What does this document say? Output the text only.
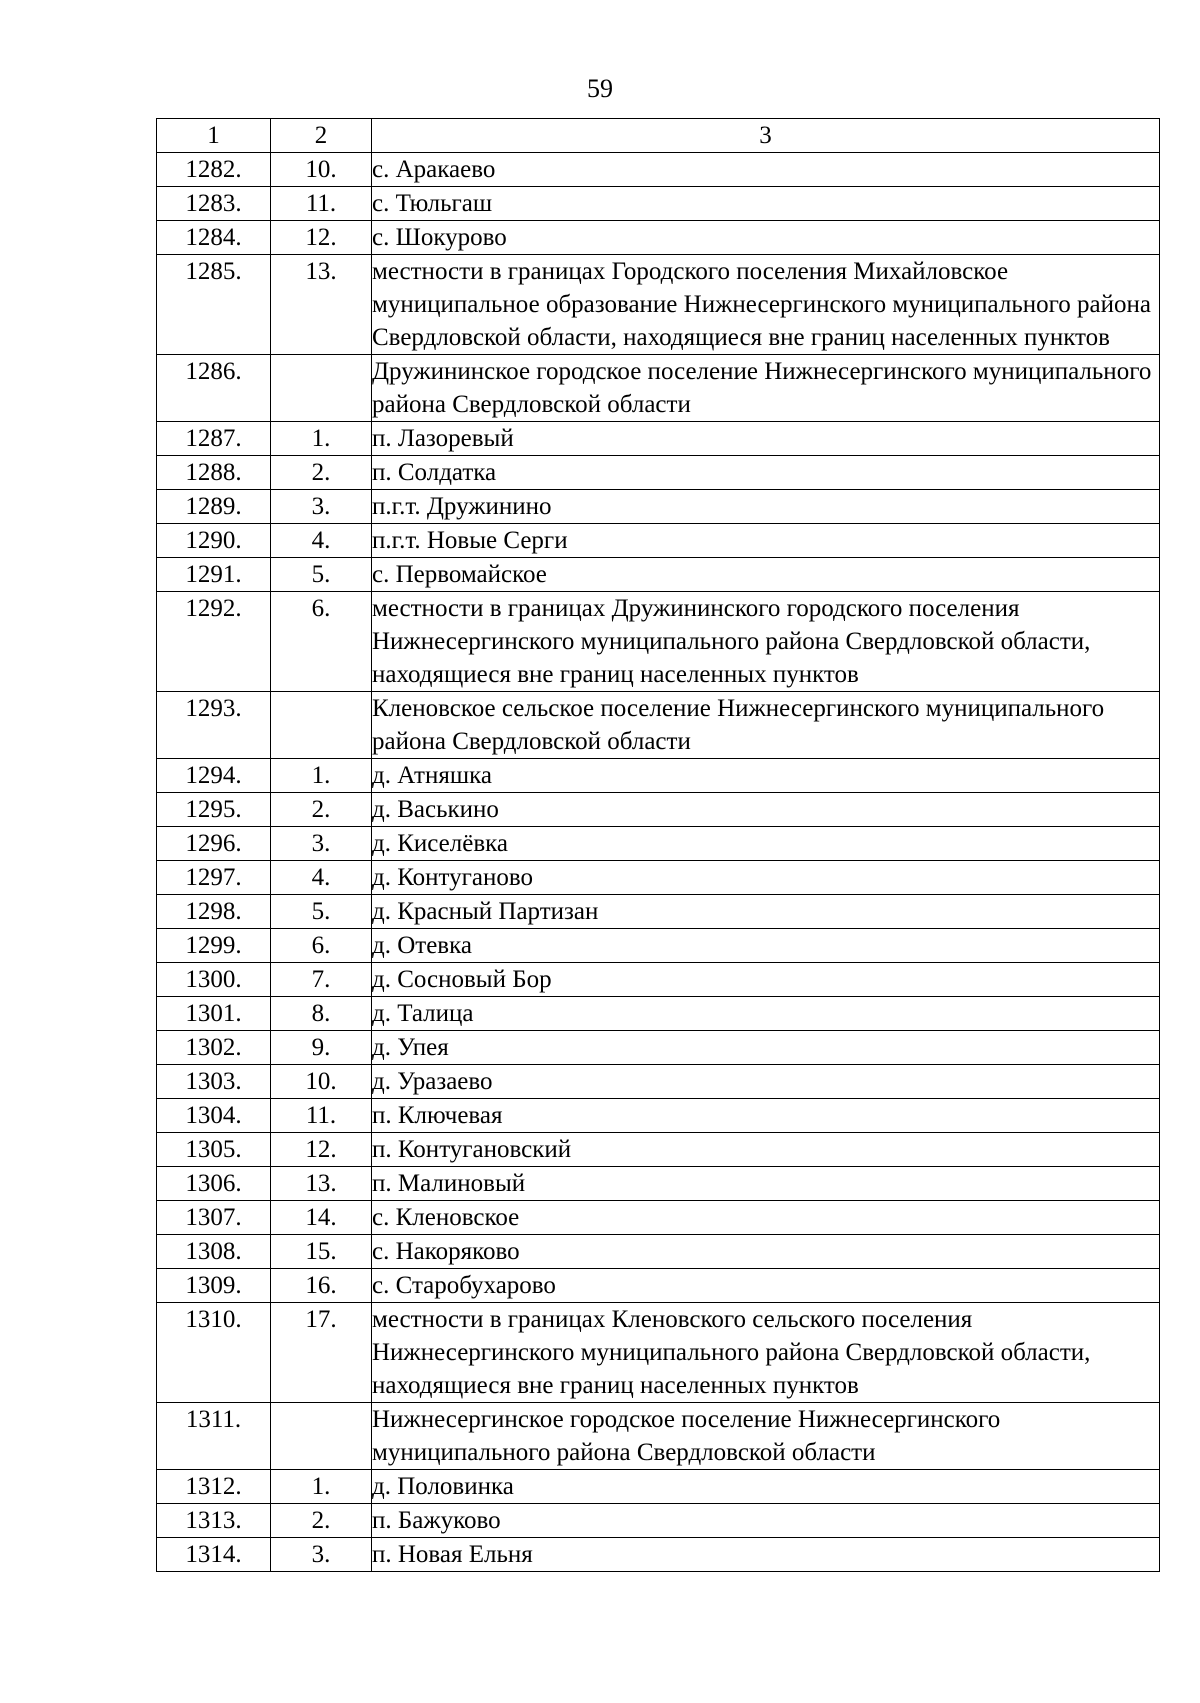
59
1	2	3
1282.	10.	с. Аракаево
1283.	11.	с. Тюльгаш
1284.	12.	с. Шокурово
1285.	13.	местности в границах Городского поселения Михайловское муниципальное образование Нижнесергинского муниципального района Свердловской области, находящиеся вне границ населенных пунктов
1286.		Дружининское городское поселение Нижнесергинского муниципального района Свердловской области
1287.	1.	п. Лазоревый
1288.	2.	п. Солдатка
1289.	3.	п.г.т. Дружинино
1290.	4.	п.г.т. Новые Серги
1291.	5.	с. Первомайское
1292.	6.	местности в границах Дружининского городского поселения Нижнесергинского муниципального района Свердловской области, находящиеся вне границ населенных пунктов
1293.		Кленовское сельское поселение Нижнесергинского муниципального района Свердловской области
1294.	1.	д. Атняшка
1295.	2.	д. Васькино
1296.	3.	д. Киселёвка
1297.	4.	д. Контуганово
1298.	5.	д. Красный Партизан
1299.	6.	д. Отевка
1300.	7.	д. Сосновый Бор
1301.	8.	д. Талица
1302.	9.	д. Упея
1303.	10.	д. Уразаево
1304.	11.	п. Ключевая
1305.	12.	п. Контугановский
1306.	13.	п. Малиновый
1307.	14.	с. Кленовское
1308.	15.	с. Накоряково
1309.	16.	с. Старобухарово
1310.	17.	местности в границах Кленовского сельского поселения Нижнесергинского муниципального района Свердловской области, находящиеся вне границ населенных пунктов
1311.		Нижнесергинское городское поселение Нижнесергинского муниципального района Свердловской области
1312.	1.	д. Половинка
1313.	2.	п. Бажуково
1314.	3.	п. Новая Ельня
